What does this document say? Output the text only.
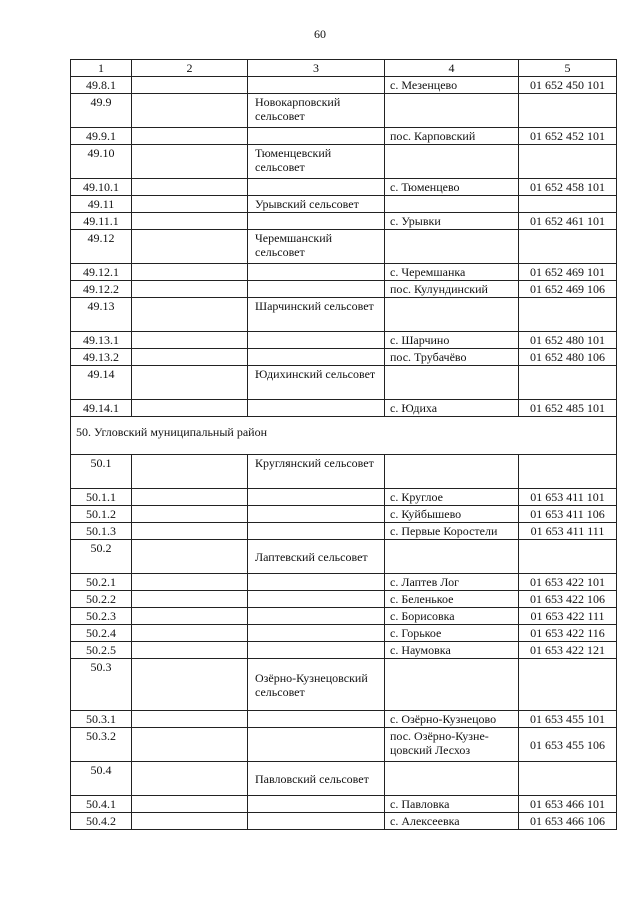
60
1	2	3	4	5
49.8.1			с. Мезенцево	01 652 450 101
49.9		Новокарповский сельсовет		
49.9.1			пос. Карповский	01 652 452 101
49.10		Тюменцевский сельсовет		
49.10.1			с. Тюменцево	01 652 458 101
49.11		Урывский сельсовет		
49.11.1			с. Урывки	01 652 461 101
49.12		Черемшанский сельсовет		
49.12.1			с. Черемшанка	01 652 469 101
49.12.2			пос. Кулундинский	01 652 469 106
49.13		Шарчинский сельсовет		
49.13.1			с. Шарчино	01 652 480 101
49.13.2			пос. Трубачёво	01 652 480 106
49.14		Юдихинский сельсовет		
49.14.1			с. Юдиха	01 652 485 101
50. Угловский муниципальный район				
50.1		Круглянский сельсовет		
50.1.1			с. Круглое	01 653 411 101
50.1.2			с. Куйбышево	01 653 411 106
50.1.3			с. Первые Коростели	01 653 411 111
50.2		Лаптевский сельсовет		
50.2.1			с. Лаптев Лог	01 653 422 101
50.2.2			с. Беленькое	01 653 422 106
50.2.3			с. Борисовка	01 653 422 111
50.2.4			с. Горькое	01 653 422 116
50.2.5			с. Наумовка	01 653 422 121
50.3		Озёрно-Кузнецовский сельсовет		
50.3.1			с. Озёрно-Кузнецово	01 653 455 101
50.3.2			пос. Озёрно-Кузне-цовский Лесхоз	01 653 455 106
50.4		Павловский сельсовет		
50.4.1			с. Павловка	01 653 466 101
50.4.2			с. Алексеевка	01 653 466 106
